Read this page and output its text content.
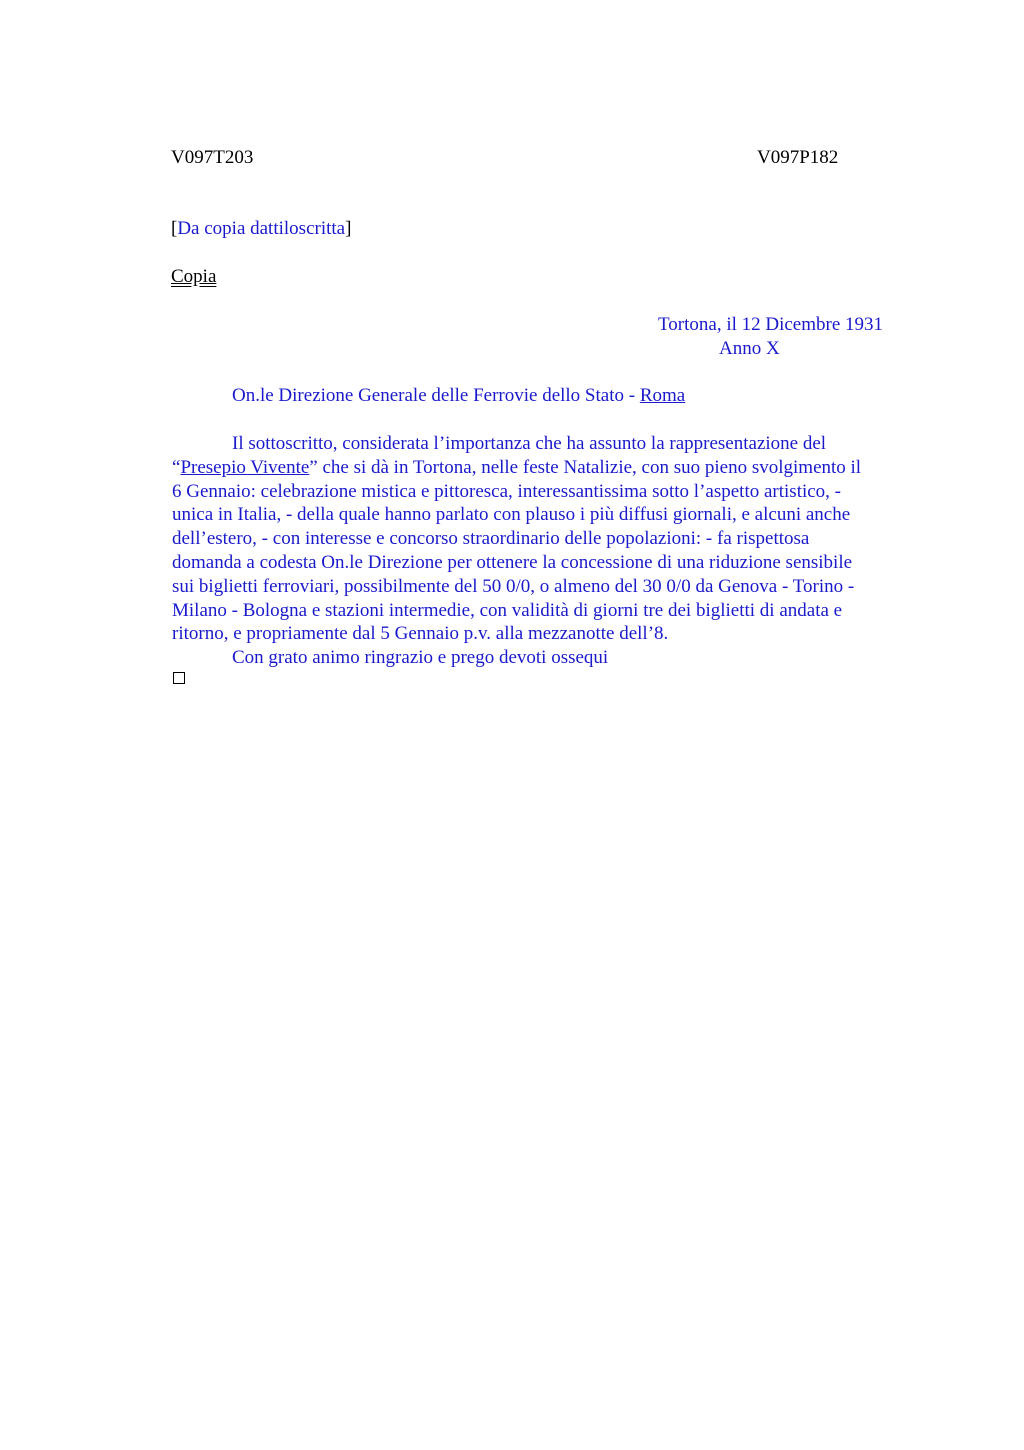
V097T203	V097P182
[Da copia dattiloscritta]
Copia
Tortona, il 12 Dicembre 1931
Anno X
On.le Direzione Generale delle Ferrovie dello Stato - Roma
Il sottoscritto, considerata l’importanza che ha assunto la rappresentazione del
“Presepio Vivente” che si dà in Tortona, nelle feste Natalizie, con suo pieno svolgimento il
6 Gennaio: celebrazione mistica e pittoresca, interessantissima sotto l’aspetto artistico, -
unica in Italia, - della quale hanno parlato con plauso i più diffusi giornali, e alcuni anche
dell’estero, - con interesse e concorso straordinario delle popolazioni: - fa rispettosa
domanda a codesta On.le Direzione per ottenere la concessione di una riduzione sensibile
sui biglietti ferroviari, possibilmente del 50 0/0, o almeno del 30 0/0 da Genova - Torino -
Milano - Bologna e stazioni intermedie, con validità di giorni tre dei biglietti di andata e
ritorno, e propriamente dal 5 Gennaio p.v. alla mezzanotte dell’8.
Con grato animo ringrazio e prego devoti ossequi
